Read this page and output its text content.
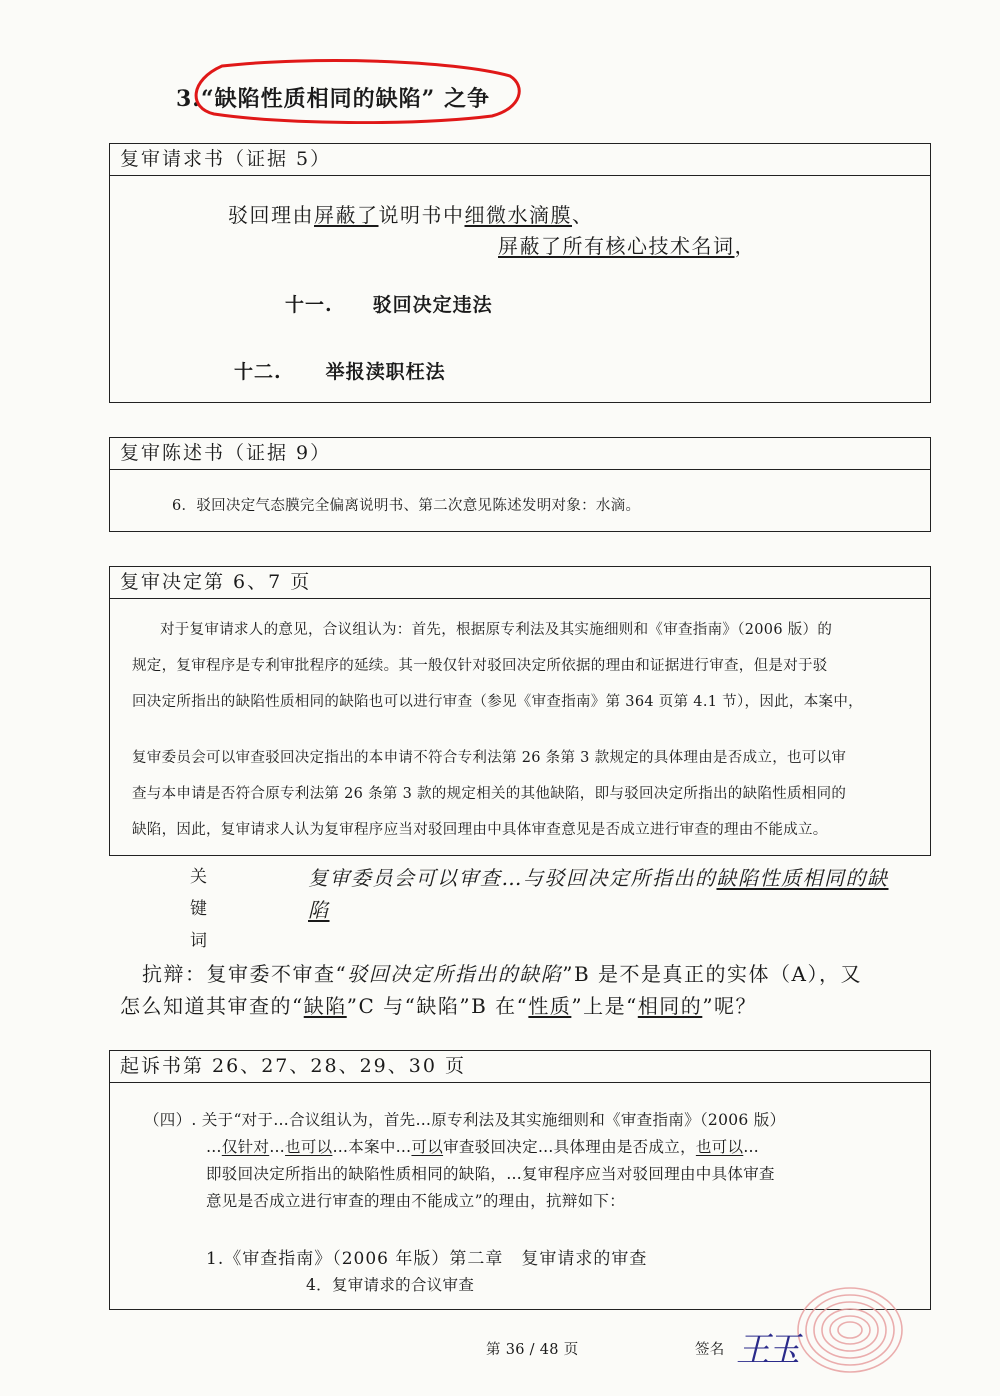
3.“缺陷性质相同的缺陷” 之争
复审请求书（证据 5）
驳回理由屏蔽了说明书中细微水滴膜、
屏蔽了所有核心技术名词，
十一. 驳回决定违法
十二. 举报渎职枉法
复审陈述书（证据 9）
6．驳回决定气态膜完全偏离说明书、第二次意见陈述发明对象：水滴。
复审决定第 6、7 页
对于复审请求人的意见，合议组认为：首先，根据原专利法及其实施细则和《审查指南》（2006 版）的
规定，复审程序是专利审批程序的延续。其一般仅针对驳回决定所依据的理由和证据进行审查，但是对于驳
回决定所指出的缺陷性质相同的缺陷也可以进行审查（参见《审查指南》第 364 页第 4.1 节），因此，本案中，
复审委员会可以审查驳回决定指出的本申请不符合专利法第 26 条第 3 款规定的具体理由是否成立，也可以审
查与本申请是否符合原专利法第 26 条第 3 款的规定相关的其他缺陷，即与驳回决定所指出的缺陷性质相同的
缺陷，因此，复审请求人认为复审程序应当对驳回理由中具体审查意见是否成立进行审查的理由不能成立。
关
键
词
复审委员会可以审查…与驳回决定所指出的缺陷性质相同的缺
陷
抗辩：复审委不审查“驳回决定所指出的缺陷”B 是不是真正的实体（A），又
怎么知道其审查的“缺陷”C 与“缺陷”B 在“性质”上是“相同的”呢？
起诉书第 26、27、28、29、30 页
（四）. 关于“对于…合议组认为，首先…原专利法及其实施细则和《审查指南》（2006 版）
…仅针对…也可以…本案中…可以审查驳回决定…具体理由是否成立，也可以…
即驳回决定所指出的缺陷性质相同的缺陷，…复审程序应当对驳回理由中具体审查
意见是否成立进行审查的理由不能成立”的理由，抗辩如下：
1.《审查指南》（2006 年版）第二章　复审请求的审查
4．复审请求的合议审查
第 36 / 48 页	签名 王玉
